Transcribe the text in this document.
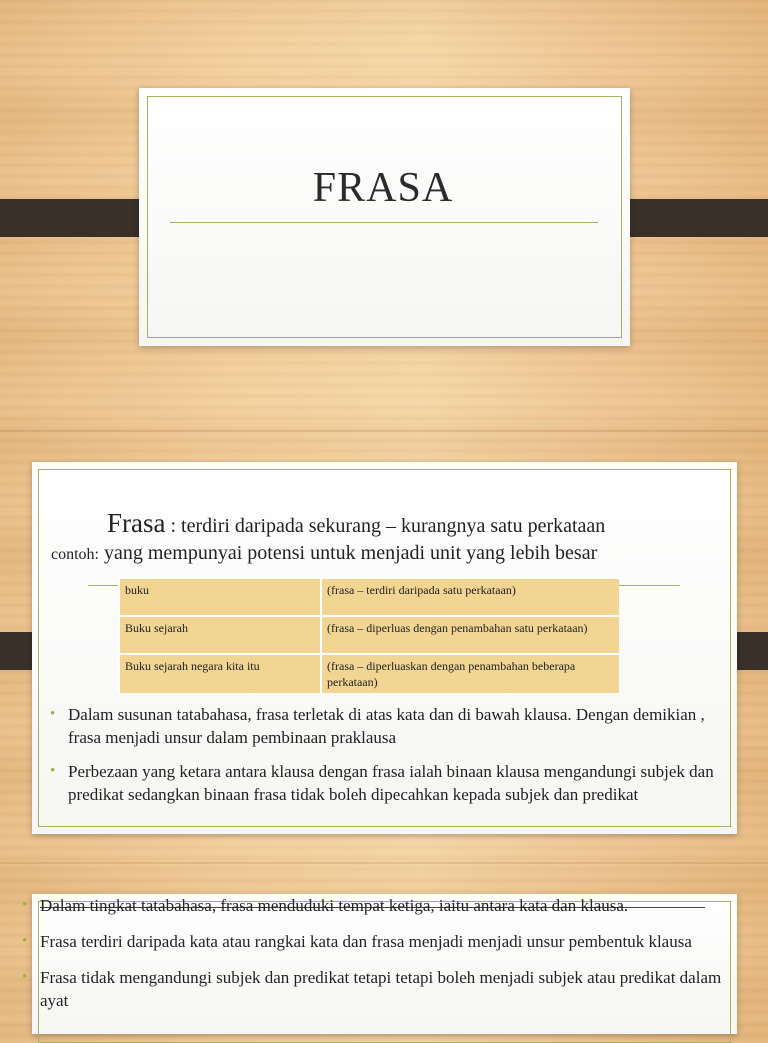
FRASA
Frasa : terdiri daripada sekurang – kurangnya satu perkataan
contoh: yang mempunyai potensi untuk menjadi unit yang lebih besar
buku	(frasa – terdiri daripada satu perkataan)
Buku sejarah	(frasa – diperluas dengan penambahan satu perkataan)
Buku sejarah negara kita itu	(frasa – diperluaskan dengan penambahan beberapa perkataan)
• Dalam susunan tatabahasa, frasa terletak di atas kata dan di bawah klausa. Dengan demikian , frasa menjadi unsur dalam pembinaan praklausa
• Perbezaan yang ketara antara klausa dengan frasa ialah binaan klausa mengandungi subjek dan predikat sedangkan binaan frasa tidak boleh dipecahkan kepada subjek dan predikat
• Dalam tingkat tatabahasa, frasa menduduki tempat ketiga, iaitu antara kata dan klausa.
• Frasa terdiri daripada kata atau rangkai kata dan frasa menjadi menjadi unsur pembentuk klausa
• Frasa tidak mengandungi subjek dan predikat tetapi tetapi boleh menjadi subjek atau predikat dalam ayat
